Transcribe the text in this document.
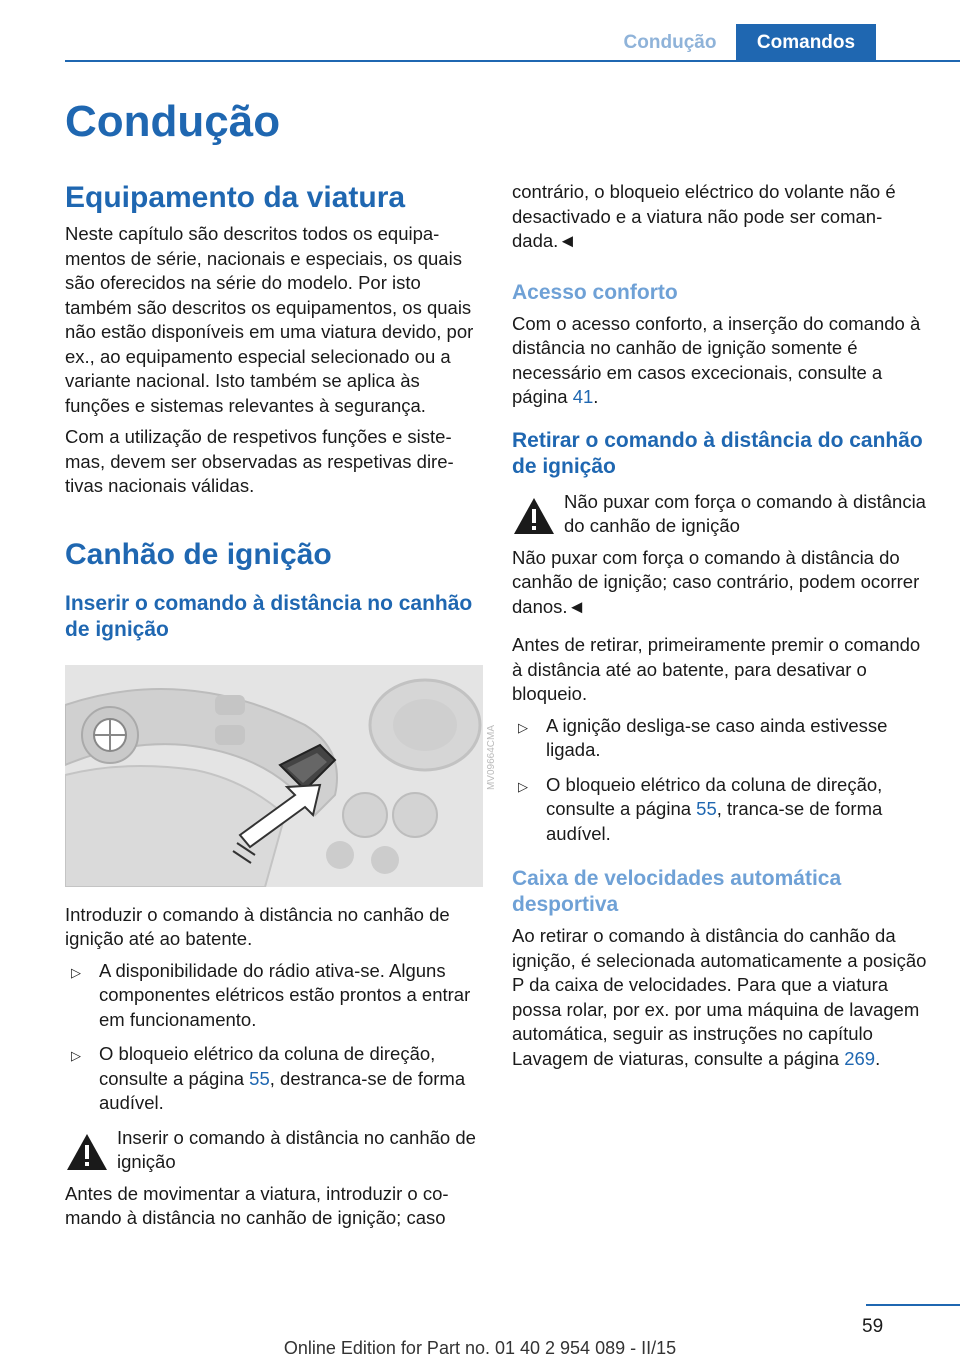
Condução	Comandos
Condução
Equipamento da viatura

Neste capítulo são descritos todos os equipamentos de série, nacionais e especiais, os quais são oferecidos na série do modelo. Por isto também são descritos os equipamentos, os quais não estão disponíveis em uma viatura devido, por ex., ao equipamento especial selecionado ou a variante nacional. Isto também se aplica às funções e sistemas relevantes à segurança.

Com a utilização de respetivos funções e sistemas, devem ser observadas as respetivas diretivas nacionais válidas.

Canhão de ignição
Inserir o comando à distância no canhão de ignição
MV09664CMA

Introduzir o comando à distância no canhão de ignição até ao batente.

▷ A disponibilidade do rádio ativa-se. Alguns componentes elétricos estão prontos a entrar em funcionamento.
▷ O bloqueio elétrico da coluna de direção, consulte a página 55, destranca-se de forma audível.
Inserir o comando à distância no canhão de ignição

Antes de movimentar a viatura, introduzir o comando à distância no canhão de ignição; caso

contrário, o bloqueio eléctrico do volante não é desactivado e a viatura não pode ser comandada.◄

Acesso conforto

Com o acesso conforto, a inserção do comando à distância no canhão de ignição somente é necessário em casos excecionais, consulte a página 41.

Retirar o comando à distância do canhão de ignição
Não puxar com força o comando à distância do canhão de ignição

Não puxar com força o comando à distância do canhão de ignição; caso contrário, podem ocorrer danos.◄

Antes de retirar, primeiramente premir o comando à distância até ao batente, para desativar o bloqueio.

▷ A ignição desliga-se caso ainda estivesse ligada.
▷ O bloqueio elétrico da coluna de direção, consulte a página 55, tranca-se de forma audível.
Caixa de velocidades automática desportiva

Ao retirar o comando à distância do canhão da ignição, é selecionada automaticamente a posição P da caixa de velocidades. Para que a viatura possa rolar, por ex. por uma máquina de lavagem automática, seguir as instruções no capítulo Lavagem de viaturas, consulte a página 269.

59
Online Edition for Part no. 01 40 2 954 089 - II/15
